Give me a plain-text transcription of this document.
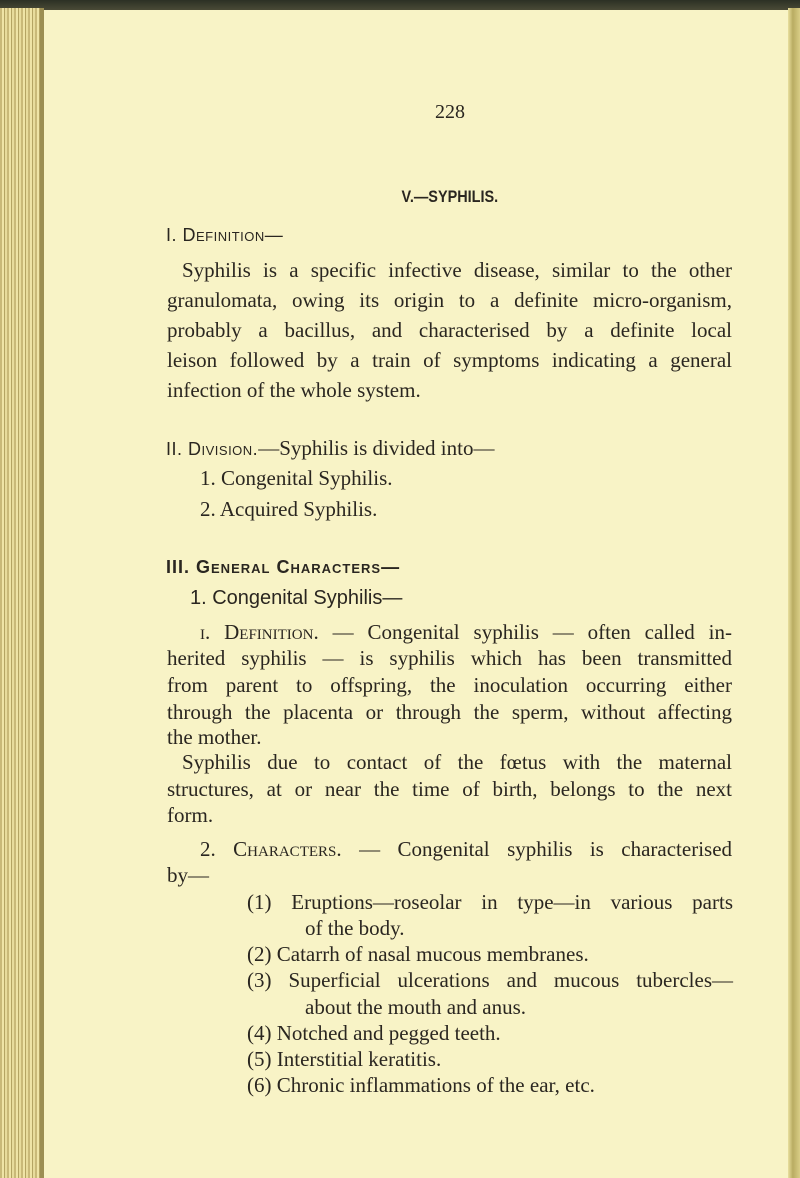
228
V.—SYPHILIS.
I. Definition—
Syphilis is a specific infective disease, similar to the other
granulomata, owing its origin to a definite micro-organism,
probably a bacillus, and characterised by a definite local
leison followed by a train of symptoms indicating a general
infection of the whole system.
II. Division.—Syphilis is divided into—
1. Congenital Syphilis.
2. Acquired Syphilis.
III. General Characters—
1. Congenital Syphilis—
i. Definition. — Congenital syphilis — often called in-
herited syphilis — is syphilis which has been transmitted
from parent to offspring, the inoculation occurring either
through the placenta or through the sperm, without affecting
the mother.
Syphilis due to contact of the fœtus with the maternal
structures, at or near the time of birth, belongs to the next
form.
2. Characters. — Congenital syphilis is characterised
by—
(1) Eruptions—roseolar in type—in various parts
of the body.
(2) Catarrh of nasal mucous membranes.
(3) Superficial ulcerations and mucous tubercles—
about the mouth and anus.
(4) Notched and pegged teeth.
(5) Interstitial keratitis.
(6) Chronic inflammations of the ear, etc.
